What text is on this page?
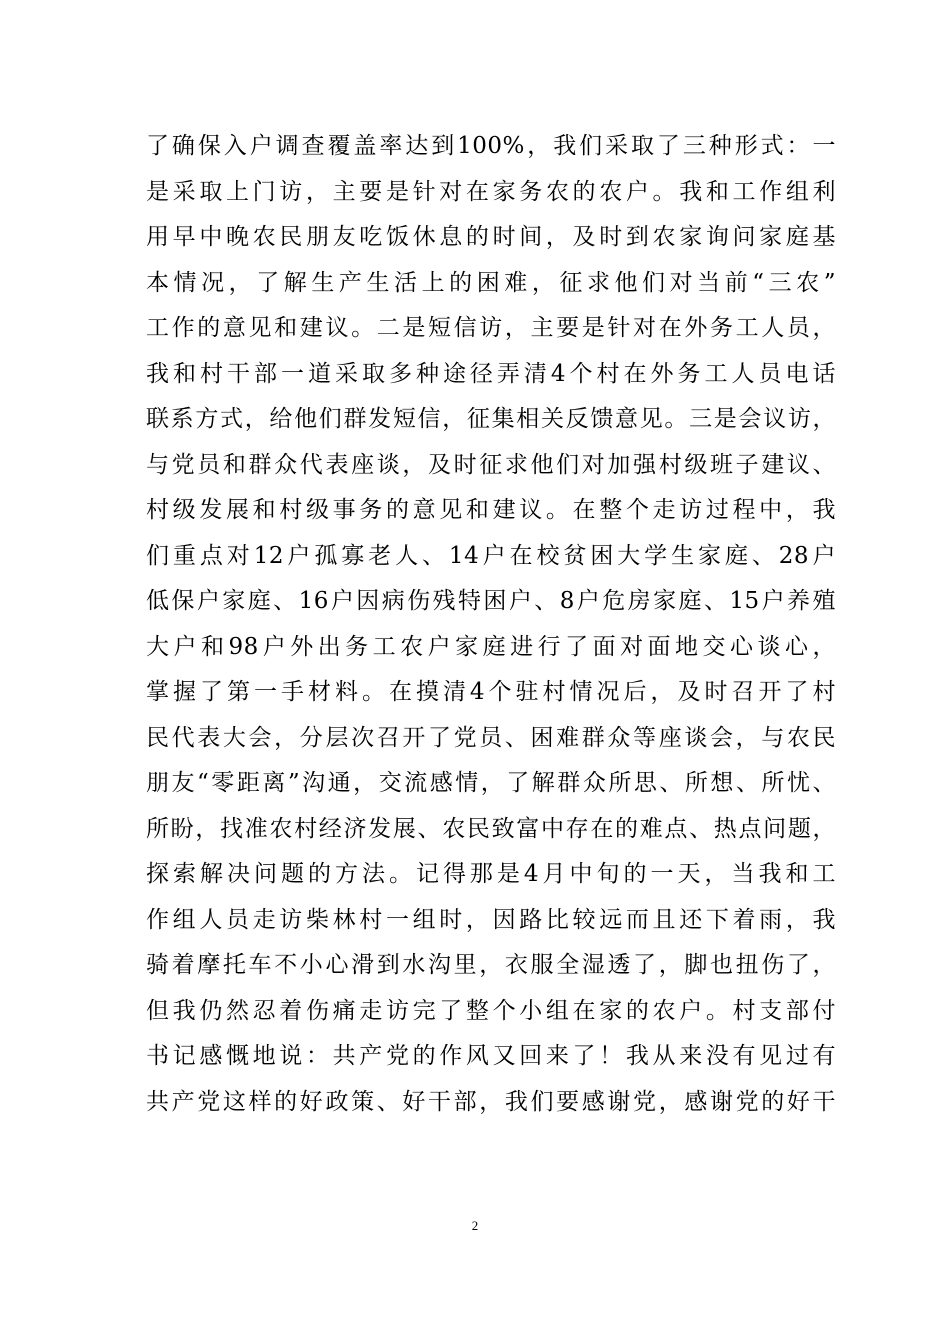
了确保入户调查覆盖率达到100%，我们采取了三种形式：一
是采取上门访，主要是针对在家务农的农户。我和工作组利
用早中晚农民朋友吃饭休息的时间，及时到农家询问家庭基
本情况，了解生产生活上的困难，征求他们对当前“三农”
工作的意见和建议。二是短信访，主要是针对在外务工人员，
我和村干部一道采取多种途径弄清4个村在外务工人员电话
联系方式，给他们群发短信，征集相关反馈意见。三是会议访，
与党员和群众代表座谈，及时征求他们对加强村级班子建议、
村级发展和村级事务的意见和建议。在整个走访过程中，我
们重点对12户孤寡老人、14户在校贫困大学生家庭、28户
低保户家庭、16户因病伤残特困户、8户危房家庭、15户养殖
大户和98户外出务工农户家庭进行了面对面地交心谈心，
掌握了第一手材料。在摸清4个驻村情况后，及时召开了村
民代表大会，分层次召开了党员、困难群众等座谈会，与农民
朋友“零距离”沟通，交流感情，了解群众所思、所想、所忧、
所盼，找准农村经济发展、农民致富中存在的难点、热点问题，
探索解决问题的方法。记得那是4月中旬的一天，当我和工
作组人员走访柴林村一组时，因路比较远而且还下着雨，我
骑着摩托车不小心滑到水沟里，衣服全湿透了，脚也扭伤了，
但我仍然忍着伤痛走访完了整个小组在家的农户。村支部付
书记感慨地说：共产党的作风又回来了！我从来没有见过有
共产党这样的好政策、好干部，我们要感谢党，感谢党的好干
2
